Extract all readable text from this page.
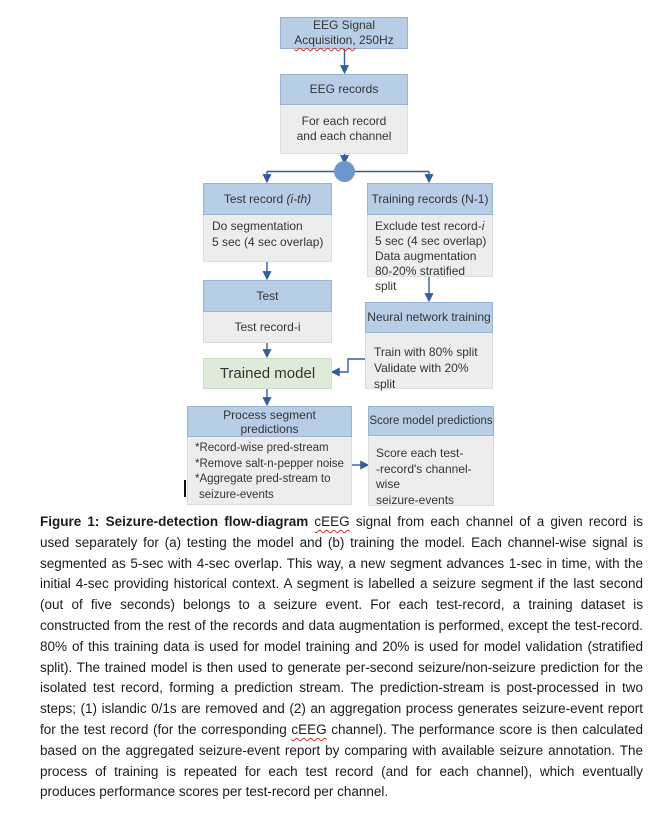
EEG Signal
Acquisition, 250Hz
EEG records
For each record
and each channel
Test record (i-th)
Do segmentation
5 sec (4 sec overlap)
Training records (N-1)
Exclude test record-i
5 sec (4 sec overlap)
Data augmentation
80-20% stratified split
Test
Test record-i
Neural network training
Train with 80% split
Validate with 20% split
Trained model
Process segment
predictions
*Record-wise pred-stream
*Remove salt-n-pepper noise
*Aggregate pred-stream to
seizure-events
Score model predictions
Score each test-
-record's channel-wise
seizure-events

Figure 1: Seizure-detection flow-diagram cEEG signal from each channel of a given record is used separately for (a) testing the model and (b) training the model. Each channel-wise signal is segmented as 5-sec with 4-sec overlap. This way, a new segment advances 1-sec in time, with the initial 4-sec providing historical context. A segment is labelled a seizure segment if the last second (out of five seconds) belongs to a seizure event. For each test-record, a training dataset is constructed from the rest of the records and data augmentation is performed, except the test-record. 80% of this training data is used for model training and 20% is used for model validation (stratified split). The trained model is then used to generate per-second seizure/non-seizure prediction for the isolated test record, forming a prediction stream. The prediction-stream is post-processed in two steps; (1) islandic 0/1s are removed and (2) an aggregation process generates seizure-event report for the test record (for the corresponding cEEG channel). The performance score is then calculated based on the aggregated seizure-event report by comparing with available seizure annotation. The process of training is repeated for each test record (and for each channel), which eventually produces performance scores per test-record per channel.
